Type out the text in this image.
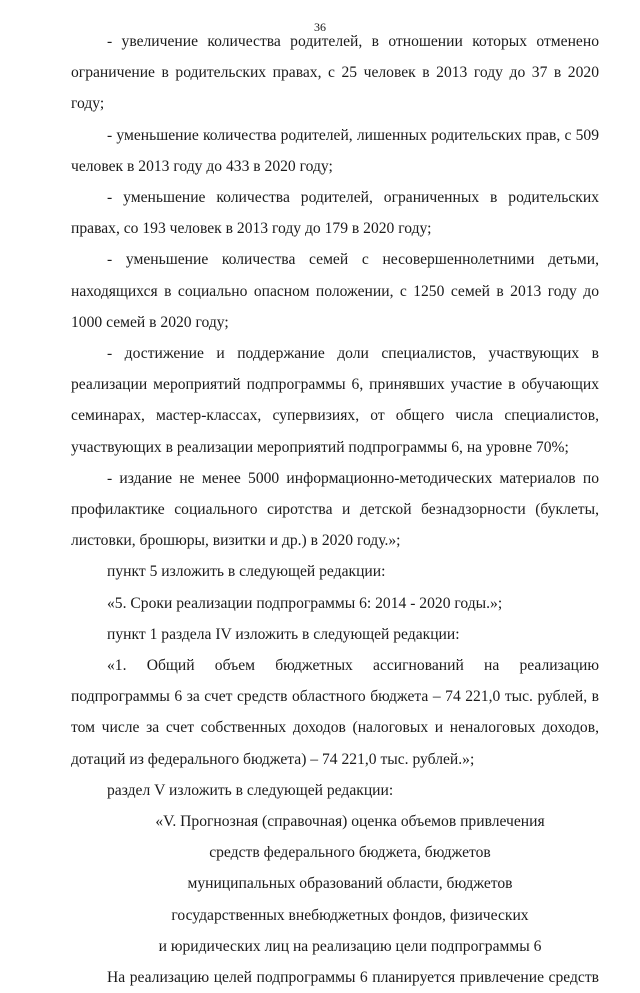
36

- увеличение количества родителей, в отношении которых отменено ограничение в родительских правах, с 25 человек в 2013 году до 37 в 2020 году;

- уменьшение количества родителей, лишенных родительских прав, с 509 человек в 2013 году до 433 в 2020 году;

- уменьшение количества родителей, ограниченных в родительских правах, со 193 человек в 2013 году до 179 в 2020 году;

- уменьшение количества семей с несовершеннолетними детьми, находящихся в социально опасном положении, с 1250 семей в 2013 году до 1000 семей в 2020 году;

- достижение и поддержание доли специалистов, участвующих в реализации мероприятий подпрограммы 6, принявших участие в обучающих семинарах, мастер-классах, супервизиях, от общего числа специалистов, участвующих в реализации мероприятий подпрограммы 6, на уровне 70%;

- издание не менее 5000 информационно-методических материалов по профилактике социального сиротства и детской безнадзорности (буклеты, листовки, брошюры, визитки и др.) в 2020 году.»;

пункт 5 изложить в следующей редакции:

«5. Сроки реализации подпрограммы 6: 2014 - 2020 годы.»;

пункт 1 раздела IV изложить в следующей редакции:

«1. Общий объем бюджетных ассигнований на реализацию подпрограммы 6 за счет средств областного бюджета – 74 221,0 тыс. рублей, в том числе за счет собственных доходов (налоговых и неналоговых доходов, дотаций из федерального бюджета) – 74 221,0 тыс. рублей.»;

раздел V изложить в следующей редакции:

«V. Прогнозная (справочная) оценка объемов привлечения

средств федерального бюджета, бюджетов

муниципальных образований области, бюджетов

государственных внебюджетных фондов, физических

и юридических лиц на реализацию цели подпрограммы 6

На реализацию целей подпрограммы 6 планируется привлечение средств
